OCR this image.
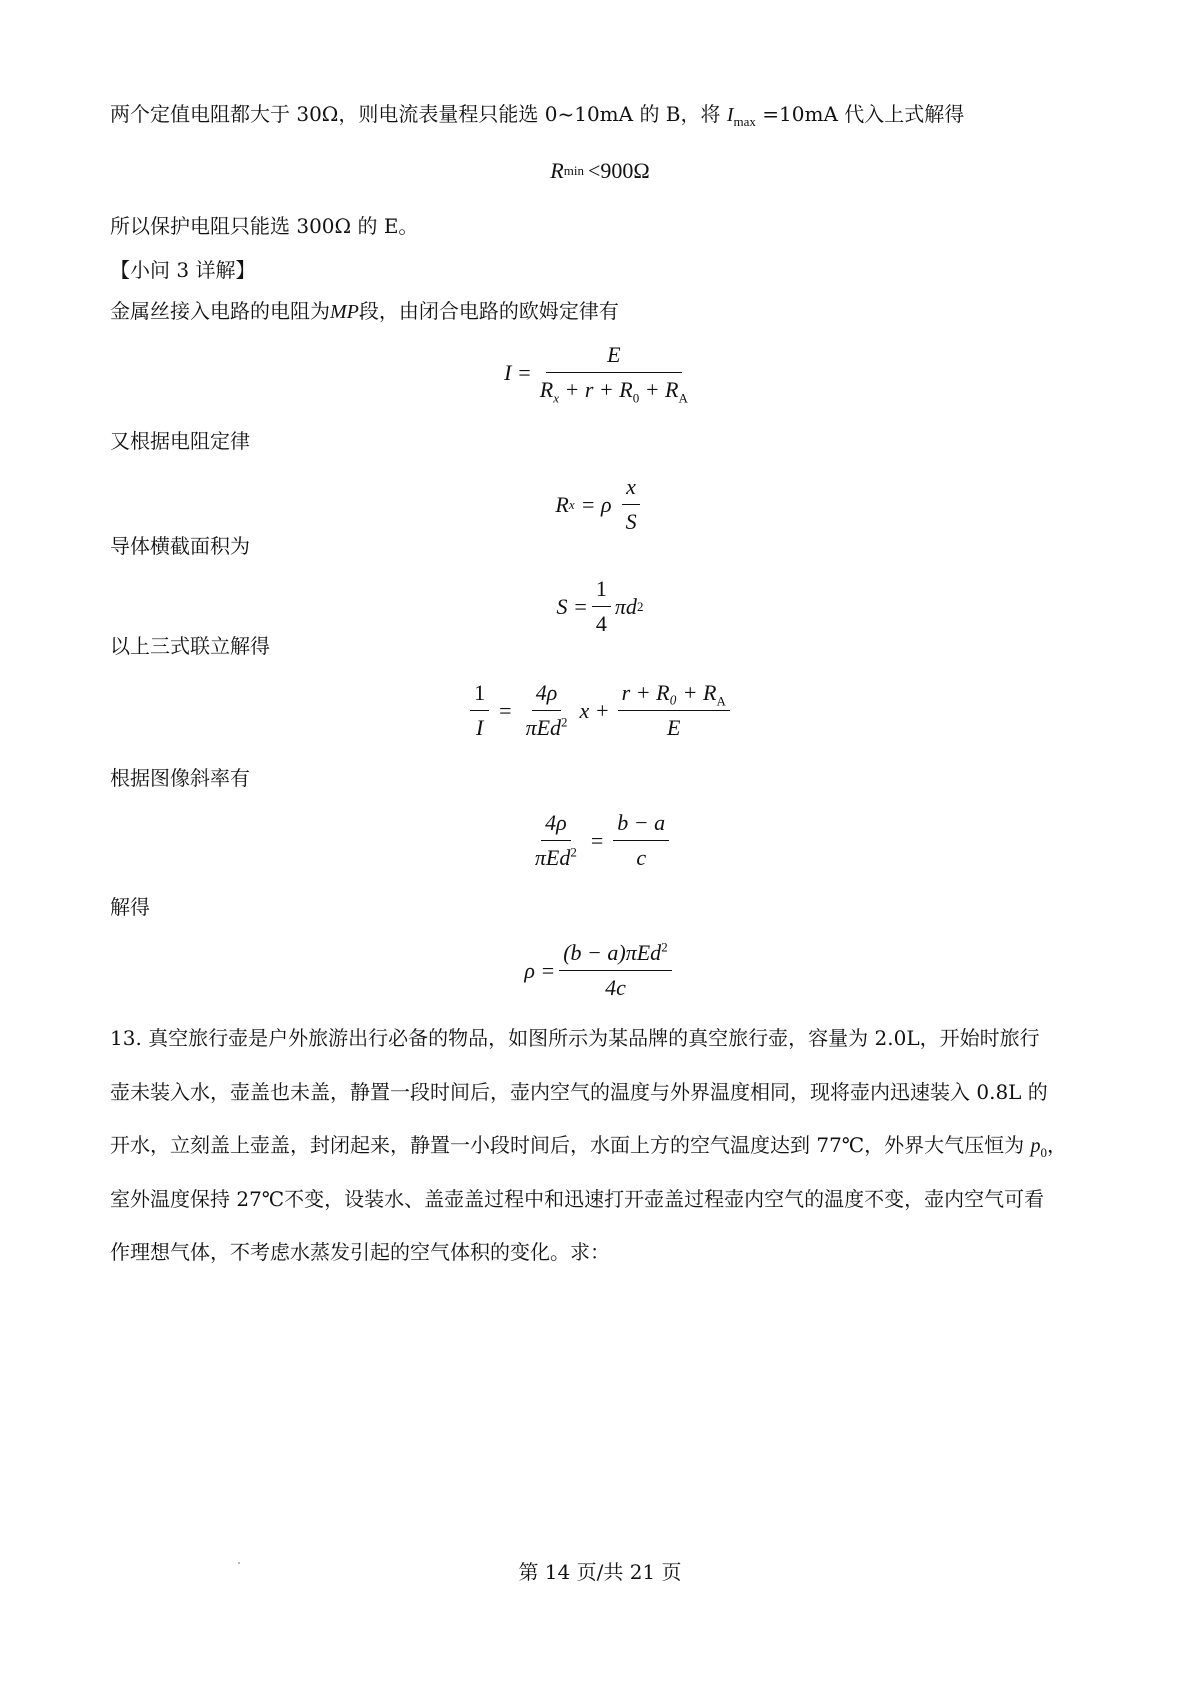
两个定值电阻都大于 30Ω，则电流表量程只能选 0~10mA 的 B，将 $I_{max} =10mA$ 代入上式解得
R min <900Ω
所以保护电阻只能选 300Ω 的 E。
【小问 3 详解】
金属丝接入电路的电阻为MP段，由闭合电路的欧姆定律有
$I = \frac{E}{R_x + r + R_0 + R_A}$
又根据电阻定律
R x = ρ $\frac{x}{S}$
导体横截面积为
$S = \frac{1}{4}$ πd 2
以上三式联立解得
$\frac{1}{I} = \frac{4\rho}{\pi Ed^2}$ $x + \frac{r + R_0 + R_A}{E}$
根据图像斜率有
$\frac{4\rho}{\pi Ed^2} = \frac{b - a}{c}$
解得
$\rho = \frac{(b - a)\pi Ed^2}{4c}$
13. 真空旅行壶是户外旅游出行必备的物品，如图所示为某品牌的真空旅行壶，容量为 2.0L，开始时旅行
壶未装入水，壶盖也未盖，静置一段时间后，壶内空气的温度与外界温度相同，现将壶内迅速装入 0.8L 的
开水，立刻盖上壶盖，封闭起来，静置一小段时间后，水面上方的空气温度达到 77℃，外界大气压恒为 $p_0$，
室外温度保持 27℃不变，设装水、盖壶盖过程中和迅速打开壶盖过程壶内空气的温度不变，壶内空气可看
作理想气体，不考虑水蒸发引起的空气体积的变化。求：
第 14 页/共 21 页
